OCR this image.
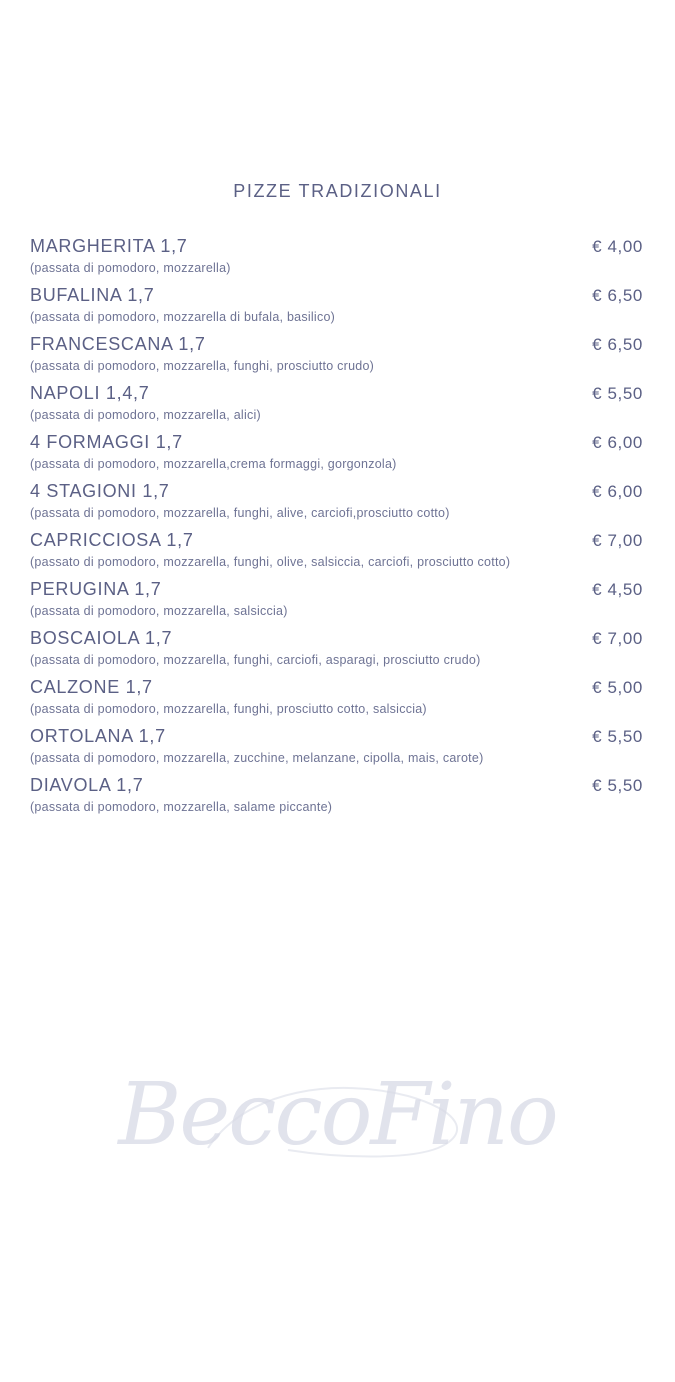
BeccoFino
PIZZE TRADIZIONALI
MARGHERITA 1,7	€ 4,00
(passata di pomodoro, mozzarella)
BUFALINA 1,7	€ 6,50
(passata di pomodoro, mozzarella di bufala, basilico)
FRANCESCANA 1,7	€ 6,50
(passata di pomodoro, mozzarella, funghi, prosciutto crudo)
NAPOLI 1,4,7	€ 5,50
(passata di pomodoro, mozzarella, alici)
4 FORMAGGI 1,7	€ 6,00
(passata di pomodoro, mozzarella,crema formaggi, gorgonzola)
4 STAGIONI 1,7	€ 6,00
(passata di pomodoro, mozzarella, funghi, alive, carciofi,prosciutto cotto)
CAPRICCIOSA 1,7	€ 7,00
(passato di pomodoro, mozzarella, funghi, olive, salsiccia, carciofi, prosciutto cotto)
PERUGINA 1,7	€ 4,50
(passata di pomodoro, mozzarella, salsiccia)
BOSCAIOLA 1,7	€ 7,00
(passata di pomodoro, mozzarella, funghi, carciofi, asparagi, prosciutto crudo)
CALZONE 1,7	€ 5,00
(passata di pomodoro, mozzarella, funghi, prosciutto cotto, salsiccia)
ORTOLANA 1,7	€ 5,50
(passata di pomodoro, mozzarella, zucchine, melanzane, cipolla, mais, carote)
DIAVOLA 1,7	€ 5,50
(passata di pomodoro, mozzarella, salame piccante)
